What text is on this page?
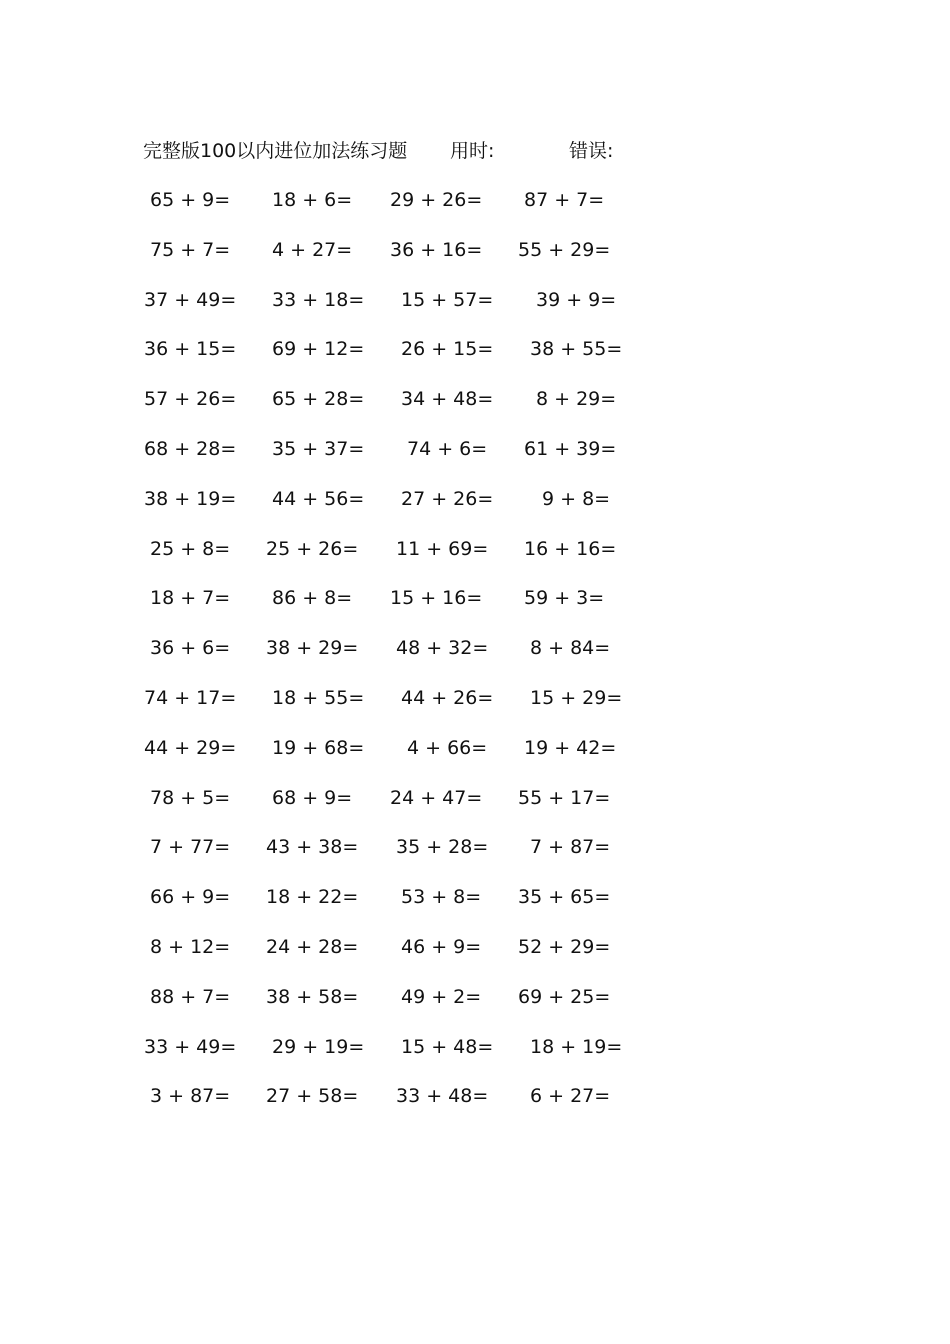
完整版100以内进位加法练习题 用时:	错误:
65 + 9= 18 + 6= 29 + 26= 87 + 7=
75 + 7= 4 + 27= 36 + 16= 55 + 29=
37 + 49= 33 + 18= 15 + 57= 39 + 9=
36 + 15= 69 + 12= 26 + 15= 38 + 55=
57 + 26= 65 + 28= 34 + 48= 8 + 29=
68 + 28= 35 + 37= 74 + 6= 61 + 39=
38 + 19= 44 + 56= 27 + 26=	9 + 8=
25 + 8= 25 + 26= 11 + 69= 16 + 16=
18 + 7= 86 + 8= 15 + 16= 59 + 3=
36 + 6= 38 + 29= 48 + 32= 8 + 84=
74 + 17= 18 + 55= 44 + 26= 15 + 29=
44 + 29= 19 + 68= 4 + 66= 19 + 42=
78 + 5= 68 + 9= 24 + 47= 55 + 17=
7 + 77= 43 + 38= 35 + 28= 7 + 87=
66 + 9= 18 + 22= 53 + 8= 35 + 65=
8 + 12= 24 + 28= 46 + 9= 52 + 29=
88 + 7= 38 + 58= 49 + 2= 69 + 25=
33 + 49= 29 + 19= 15 + 48= 18 + 19=
3 + 87= 27 + 58= 33 + 48= 6 + 27=
